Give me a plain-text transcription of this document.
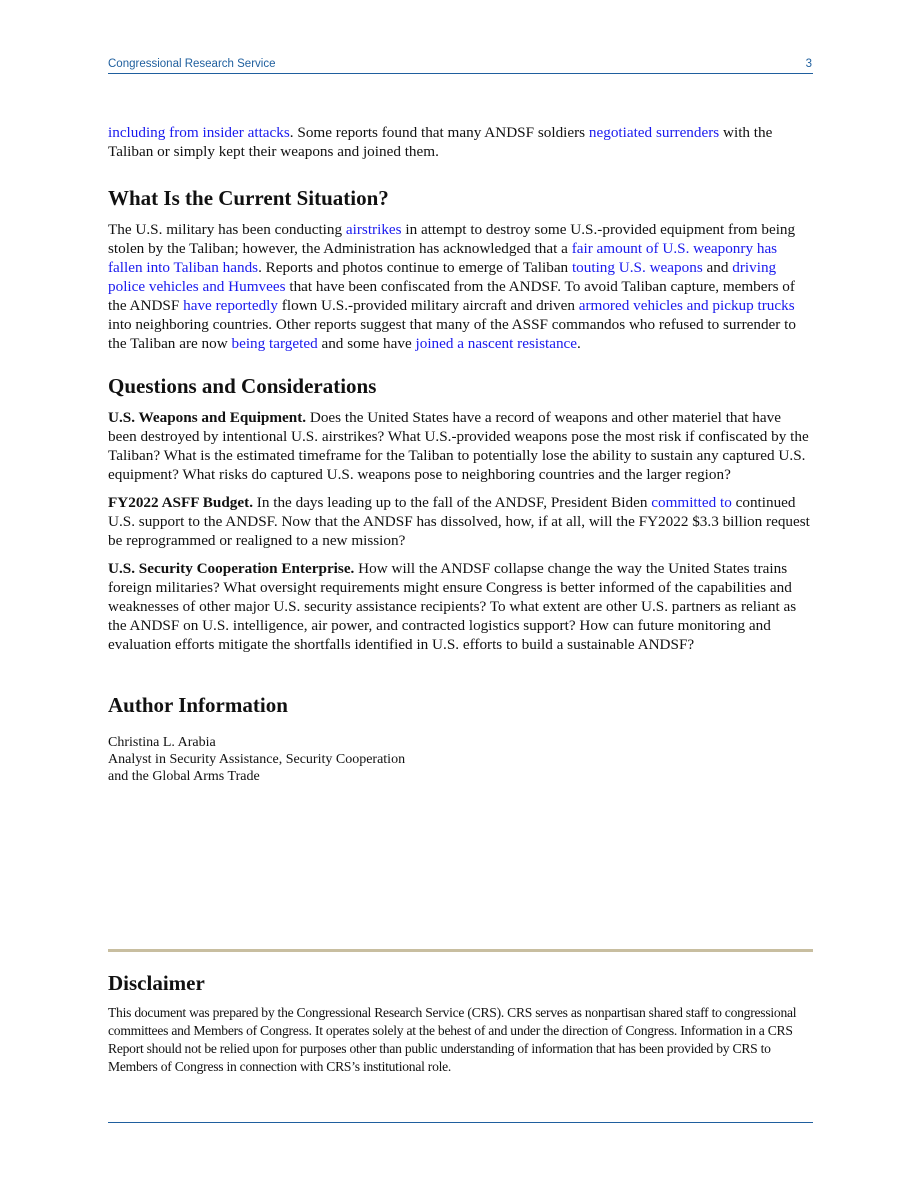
Congressional Research Service	3

including from insider attacks. Some reports found that many ANDSF soldiers negotiated surrenders with the Taliban or simply kept their weapons and joined them.

What Is the Current Situation?

The U.S. military has been conducting airstrikes in attempt to destroy some U.S.-provided equipment from being stolen by the Taliban; however, the Administration has acknowledged that a fair amount of U.S. weaponry has fallen into Taliban hands. Reports and photos continue to emerge of Taliban touting U.S. weapons and driving police vehicles and Humvees that have been confiscated from the ANDSF. To avoid Taliban capture, members of the ANDSF have reportedly flown U.S.-provided military aircraft and driven armored vehicles and pickup trucks into neighboring countries. Other reports suggest that many of the ASSF commandos who refused to surrender to the Taliban are now being targeted and some have joined a nascent resistance.

Questions and Considerations

U.S. Weapons and Equipment. Does the United States have a record of weapons and other materiel that have been destroyed by intentional U.S. airstrikes? What U.S.-provided weapons pose the most risk if confiscated by the Taliban? What is the estimated timeframe for the Taliban to potentially lose the ability to sustain any captured U.S. equipment? What risks do captured U.S. weapons pose to neighboring countries and the larger region?

FY2022 ASFF Budget. In the days leading up to the fall of the ANDSF, President Biden committed to continued U.S. support to the ANDSF. Now that the ANDSF has dissolved, how, if at all, will the FY2022 $3.3 billion request be reprogrammed or realigned to a new mission?

U.S. Security Cooperation Enterprise. How will the ANDSF collapse change the way the United States trains foreign militaries? What oversight requirements might ensure Congress is better informed of the capabilities and weaknesses of other major U.S. security assistance recipients? To what extent are other U.S. partners as reliant as the ANDSF on U.S. intelligence, air power, and contracted logistics support? How can future monitoring and evaluation efforts mitigate the shortfalls identified in U.S. efforts to build a sustainable ANDSF?

Author Information
Christina L. Arabia
Analyst in Security Assistance, Security Cooperation
and the Global Arms Trade
Disclaimer

This document was prepared by the Congressional Research Service (CRS). CRS serves as nonpartisan shared staff to congressional committees and Members of Congress. It operates solely at the behest of and under the direction of Congress. Information in a CRS Report should not be relied upon for purposes other than public understanding of information that has been provided by CRS to Members of Congress in connection with CRS’s institutional role.
